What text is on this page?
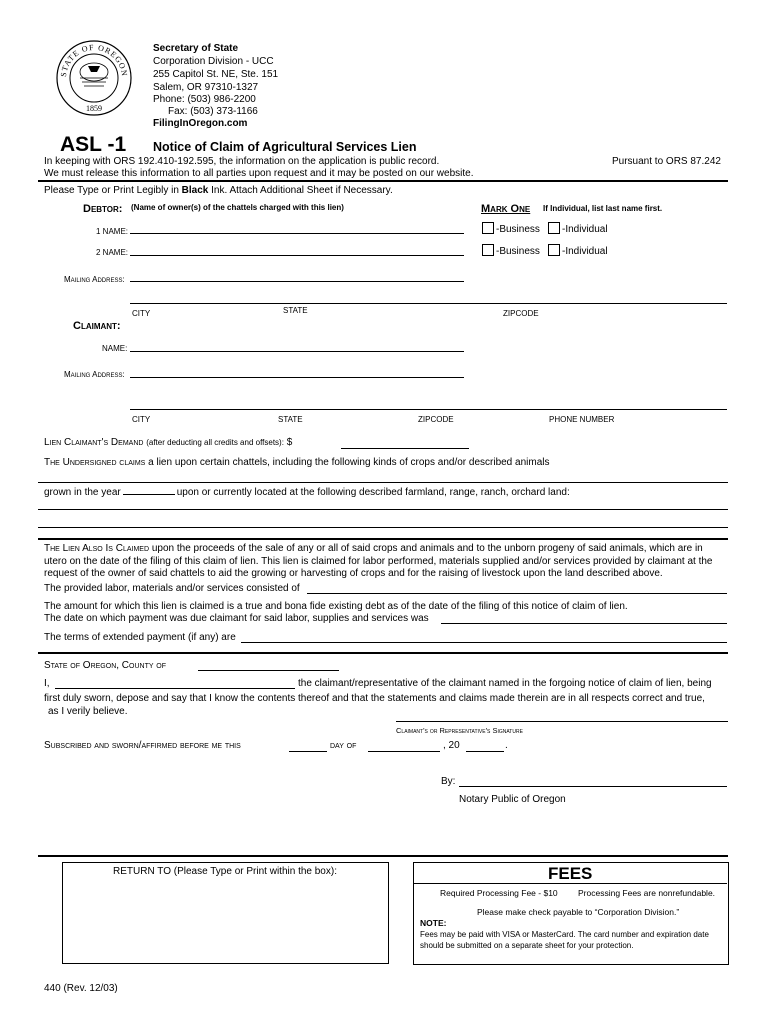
STATE OF OREGON
1859
Secretary of State
Corporation Division - UCC
255 Capitol St. NE, Ste. 151
Salem, OR 97310-1327
Phone: (503) 986-2200
Fax: (503) 373-1166
FilingInOregon.com
ASL -1 Notice of Claim of Agricultural Services Lien
In keeping with ORS 192.410-192.595, the information on the application is public record.	Pursuant to ORS 87.242
We must release this information to all parties upon request and it may be posted on our website.
Please Type or Print Legibly in Black Ink. Attach Additional Sheet if Necessary.
Debtor: (Name of owner(s) of the chattels charged with this lien)	Mark One If Individual, list last name first.
1 NAME:	-Business	-Individual
2 NAME:	-Business	-Individual
Mailing Address:
CITY	STATE	ZIPCODE
Claimant:
NAME:
Mailing Address:
CITY	STATE	ZIPCODE	PHONE NUMBER
Lien Claimant's Demand (after deducting all credits and offsets): $
The Undersigned claims a lien upon certain chattels, including the following kinds of crops and/or described animals
grown in the year	upon or currently located at the following described farmland, range, ranch, orchard land:
The Lien Also Is Claimed upon the proceeds of the sale of any or all of said crops and animals and to the unborn progeny of said animals, which are in utero on the date of the filing of this claim of lien. This lien is claimed for labor performed, materials supplied and/or services provided by claimant at the request of the owner of said chattels to aid the growing or harvesting of crops and for the raising of livestock upon the land described above.
The provided labor, materials and/or services consisted of
The amount for which this lien is claimed is a true and bona fide existing debt as of the date of the filing of this notice of claim of lien.
The date on which payment was due claimant for said labor, supplies and services was
The terms of extended payment (if any) are
State of Oregon, County of
I,	the claimant/representative of the claimant named in the forgoing notice of claim of lien, being
first duly sworn, depose and say that I know the contents thereof and that the statements and claims made therein are in all respects correct and true,
as I verily believe.
Claimant's or Representative's Signature
Subscribed and sworn/affirmed before me this	day of	, 20	.
By:
Notary Public of Oregon
RETURN TO (Please Type or Print within the box):	FEES
Required Processing Fee - $10 Processing Fees are nonrefundable.
Please make check payable to “Corporation Division.”
NOTE:
Fees may be paid with VISA or MasterCard. The card number and expiration date should be submitted on a separate sheet for your protection.
440 (Rev. 12/03)
